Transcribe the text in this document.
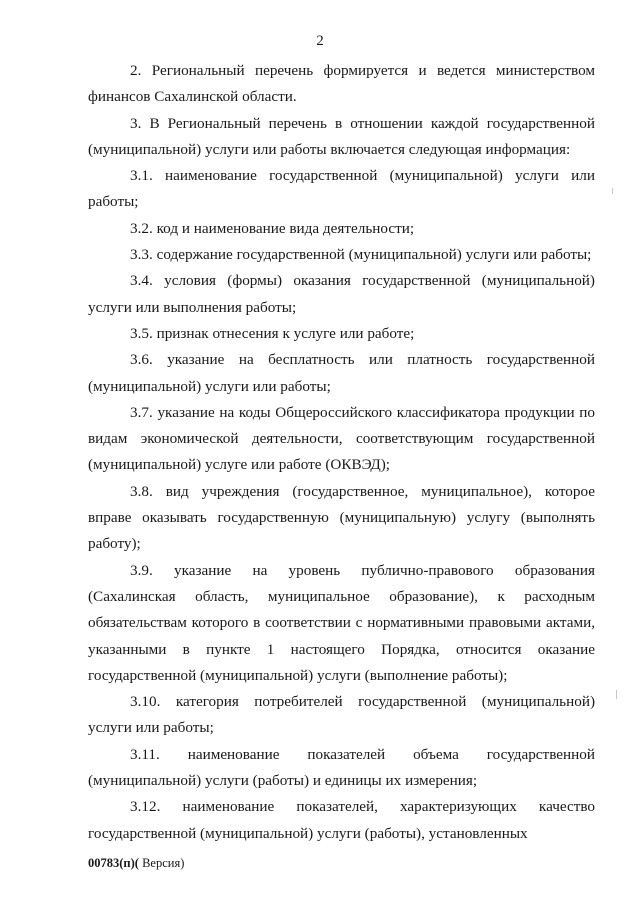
2

2. Региональный перечень формируется и ведется министерством финансов Сахалинской области.

3. В Региональный перечень в отношении каждой государственной (муниципальной) услуги или работы включается следующая информация:

3.1. наименование государственной (муниципальной) услуги или работы;

3.2. код и наименование вида деятельности;

3.3. содержание государственной (муниципальной) услуги или работы;

3.4. условия (формы) оказания государственной (муниципальной) услуги или выполнения работы;

3.5. признак отнесения к услуге или работе;

3.6. указание на бесплатность или платность государственной (муниципальной) услуги или работы;

3.7. указание на коды Общероссийского классификатора продукции по видам экономической деятельности, соответствующим государственной (муниципальной) услуге или работе (ОКВЭД);

3.8. вид учреждения (государственное, муниципальное), которое вправе оказывать государственную (муниципальную) услугу (выполнять работу);

3.9. указание на уровень публично-правового образования (Сахалинская область, муниципальное образование), к расходным обязательствам которого в соответствии с нормативными правовыми актами, указанными в пункте 1 настоящего Порядка, относится оказание государственной (муниципальной) услуги (выполнение работы);

3.10. категория потребителей государственной (муниципальной) услуги или работы;

3.11. наименование показателей объема государственной (муниципальной) услуги (работы) и единицы их измерения;

3.12. наименование показателей, характеризующих качество государственной (муниципальной) услуги (работы), установленных

00783(п)( Версия)
